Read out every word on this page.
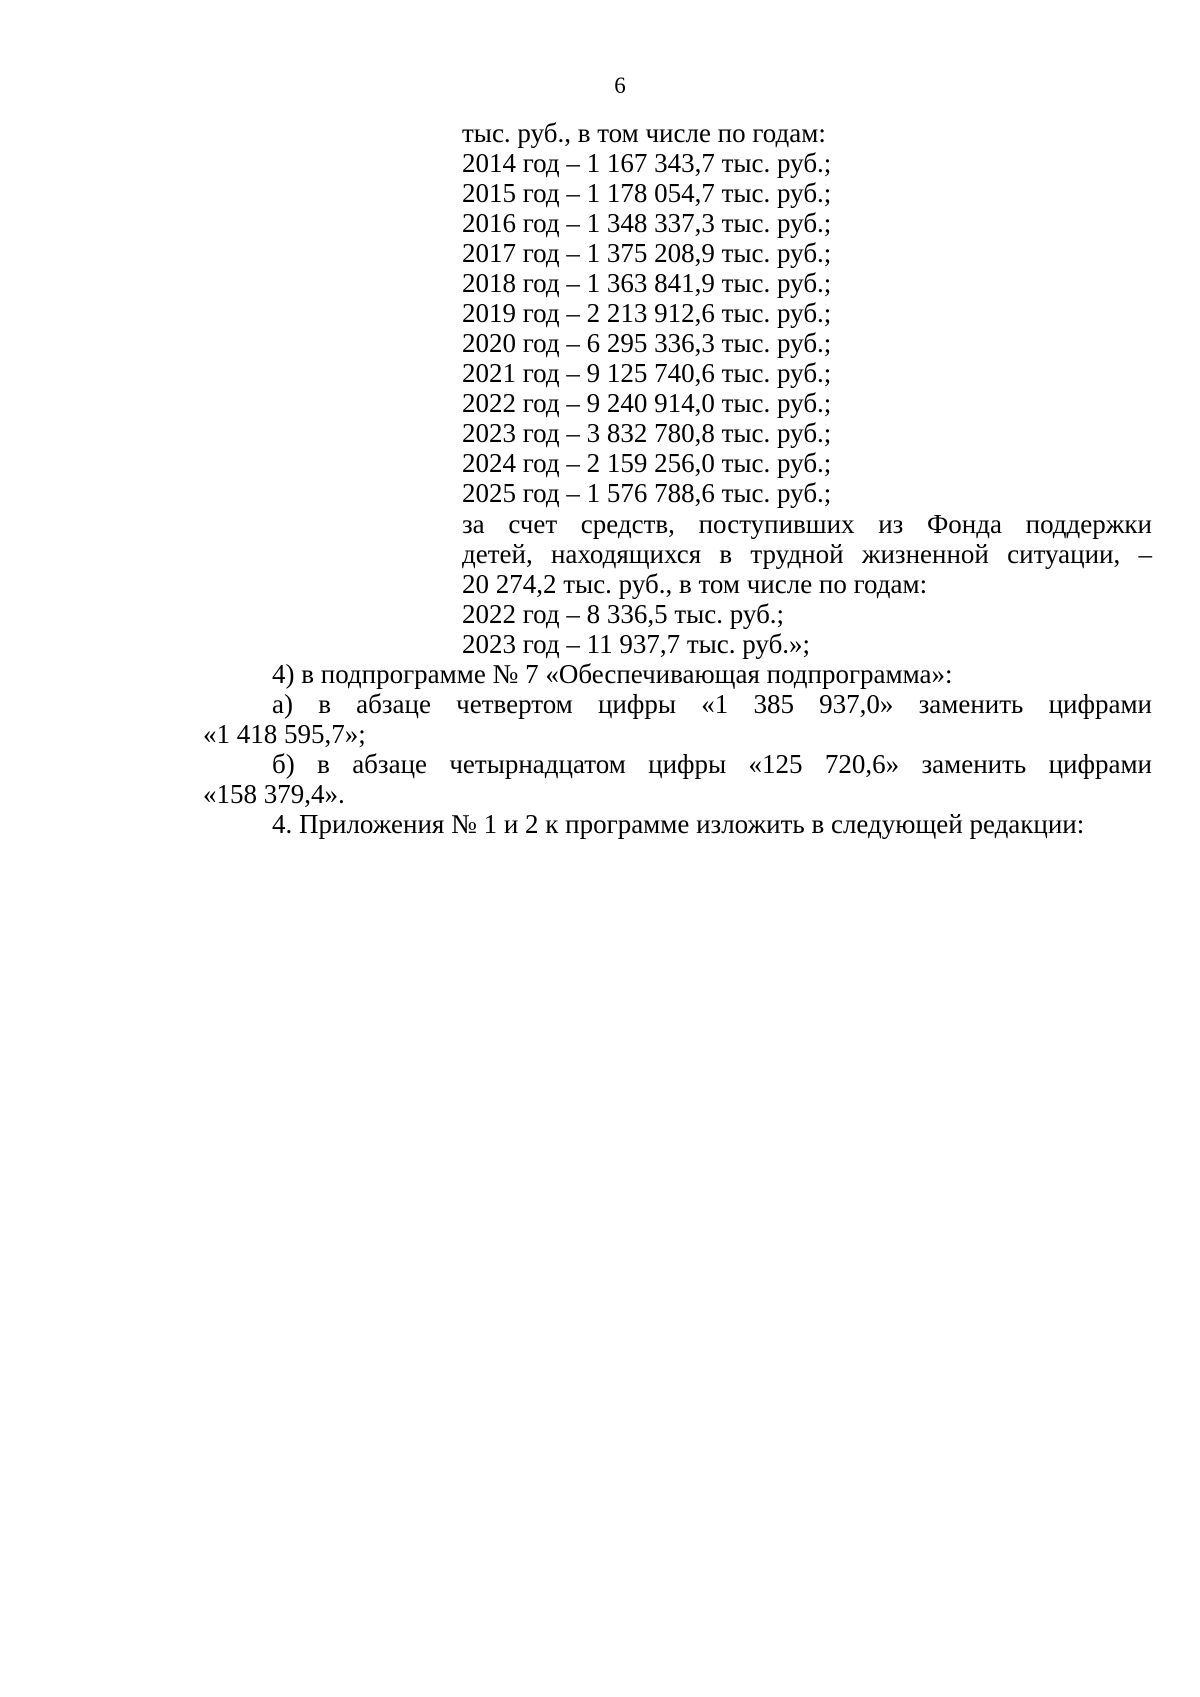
6
тыс. руб., в том числе по годам:
2014 год – 1 167 343,7 тыс. руб.;
2015 год – 1 178 054,7 тыс. руб.;
2016 год – 1 348 337,3 тыс. руб.;
2017 год – 1 375 208,9 тыс. руб.;
2018 год – 1 363 841,9 тыс. руб.;
2019 год – 2 213 912,6 тыс. руб.;
2020 год – 6 295 336,3 тыс. руб.;
2021 год – 9 125 740,6 тыс. руб.;
2022 год – 9 240 914,0 тыс. руб.;
2023 год – 3 832 780,8 тыс. руб.;
2024 год – 2 159 256,0 тыс. руб.;
2025 год – 1 576 788,6 тыс. руб.;
за счет средств, поступивших из Фонда поддержки
детей, находящихся в трудной жизненной ситуации, –
20 274,2 тыс. руб., в том числе по годам:
2022 год – 8 336,5 тыс. руб.;
2023 год – 11 937,7 тыс. руб.»;
4) в подпрограмме № 7 «Обеспечивающая подпрограмма»:
а) в абзаце четвертом цифры «1 385 937,0» заменить цифрами
«1 418 595,7»;
б) в абзаце четырнадцатом цифры «125 720,6» заменить цифрами
«158 379,4».
4. Приложения № 1 и 2 к программе изложить в следующей редакции:
